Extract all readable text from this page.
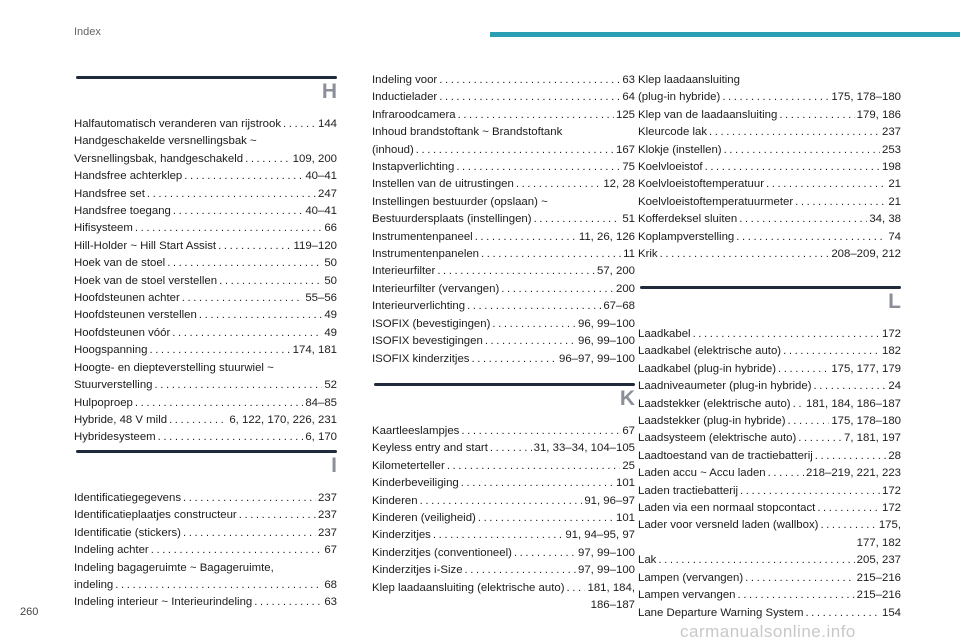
Index
260
carmanualsonline.info
H
Halfautomatisch veranderen van rijstrook . . .	144
Handgeschakelde versnellingsbak ~
Versnellingsbak, handgeschakeld . . .	109, 200
Handsfree achterklep . . .	40–41
Handsfree set . . .	247
Handsfree toegang . . .	40–41
Hifisysteem . . .	66
Hill-Holder ~ Hill Start Assist . . .	119–120
Hoek van de stoel . . .	50
Hoek van de stoel verstellen . . .	50
Hoofdsteunen achter . . .	55–56
Hoofdsteunen verstellen . . .	49
Hoofdsteunen vóór . . .	49
Hoogspanning . . .	174, 181
Hoogte- en diepteverstelling stuurwiel ~
Stuurverstelling . . .	52
Hulpoproep . . .	84–85
Hybride, 48 V mild . . .	6, 122, 170, 226, 231
Hybridesysteem . . .	6, 170
I
Identificatiegegevens . . .	237
Identificatieplaatjes constructeur . . .	237
Identificatie (stickers) . . .	237
Indeling achter . . .	67
Indeling bagageruimte ~ Bagageruimte,
indeling . . .	68
Indeling interieur ~ Interieurindeling . . .	63
Indeling voor . . .	63
Inductielader . . .	64
Infraroodcamera . . .	125
Inhoud brandstoftank ~ Brandstoftank
(inhoud) . . .	167
Instapverlichting . . .	75
Instellen van de uitrustingen . . .	12, 28
Instellingen bestuurder (opslaan) ~
Bestuurdersplaats (instellingen) . . .	51
Instrumentenpaneel . . .	11, 26, 126
Instrumentenpanelen . . .	11
Interieurfilter . . .	57, 200
Interieurfilter (vervangen) . . .	200
Interieurverlichting . . .	67–68
ISOFIX (bevestigingen) . . .	96, 99–100
ISOFIX bevestigingen . . .	96, 99–100
ISOFIX kinderzitjes . . .	96–97, 99–100
K
Kaartleeslampjes . . .	67
Keyless entry and start . . .	31, 33–34, 104–105
Kilometerteller . . .	25
Kinderbeveiliging . . .	101
Kinderen . . .	91, 96–97
Kinderen (veiligheid) . . .	101
Kinderzitjes . . .	91, 94–95, 97
Kinderzitjes (conventioneel) . . .	97, 99–100
Kinderzitjes i-Size . . .	97, 99–100
Klep laadaansluiting (elektrische auto) . . . 181, 184,
186–187
Klep laadaansluiting
(plug-in hybride) . . .	175, 178–180
Klep van de laadaansluiting . . .	179, 186
Kleurcode lak . . .	237
Klokje (instellen) . . .	253
Koelvloeistof . . .	198
Koelvloeistoftemperatuur . . .	21
Koelvloeistoftemperatuurmeter . . .	21
Kofferdeksel sluiten . . .	34, 38
Koplampverstelling . . .	74
Krik . . .	208–209, 212
L
Laadkabel . . .	172
Laadkabel (elektrische auto) . . .	182
Laadkabel (plug-in hybride) . . .	175, 177, 179
Laadniveaumeter (plug-in hybride) . . .	24
Laadstekker (elektrische auto) . . . 181, 184, 186–187
Laadstekker (plug-in hybride) . . .	175, 178–180
Laadsysteem (elektrische auto) . . .	7, 181, 197
Laadtoestand van de tractiebatterij . . .	28
Laden accu ~ Accu laden . . .	218–219, 221, 223
Laden tractiebatterij . . .	172
Laden via een normaal stopcontact . . .	172
Lader voor versneld laden (wallbox) . . .	175,
177, 182
Lak . . .	205, 237
Lampen (vervangen) . . .	215–216
Lampen vervangen . . .	215–216
Lane Departure Warning System . . .	154
